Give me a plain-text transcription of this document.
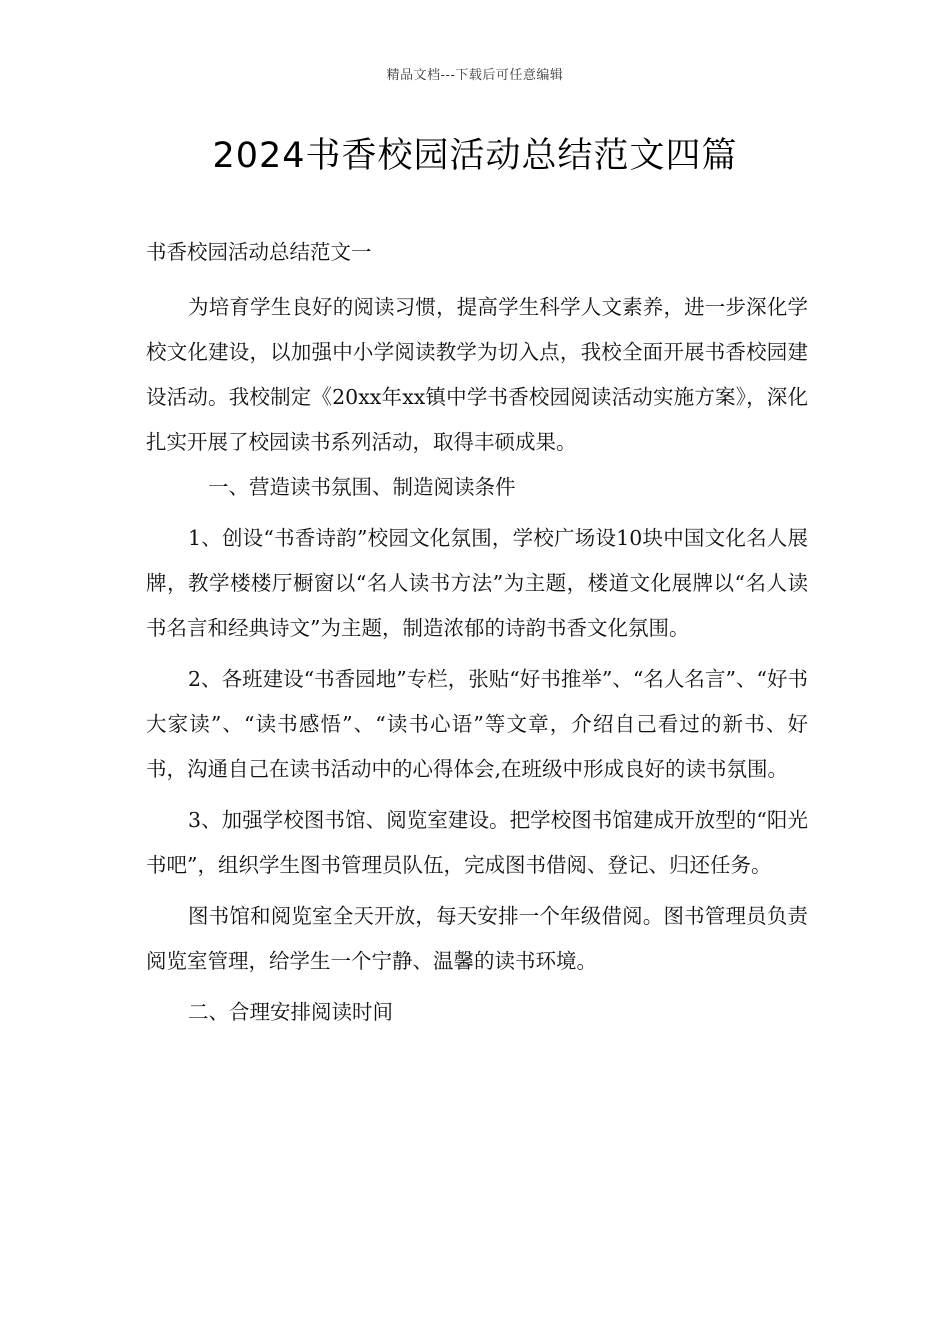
精品文档---下载后可任意编辑
2024书香校园活动总结范文四篇

书香校园活动总结范文一

为培育学生良好的阅读习惯，提高学生科学人文素养，进一步深化学校文化建设，以加强中小学阅读教学为切入点，我校全面开展书香校园建设活动。我校制定《20xx年xx镇中学书香校园阅读活动实施方案》，深化扎实开展了校园读书系列活动，取得丰硕成果。

一、营造读书氛围、制造阅读条件

1、创设“书香诗韵”校园文化氛围，学校广场设10块中国文化名人展牌，教学楼楼厅橱窗以“名人读书方法”为主题，楼道文化展牌以“名人读书名言和经典诗文”为主题，制造浓郁的诗韵书香文化氛围。

2、各班建设“书香园地”专栏，张贴“好书推举”、“名人名言”、“好书大家读”、“读书感悟”、“读书心语”等文章，介绍自己看过的新书、好书，沟通自己在读书活动中的心得体会,在班级中形成良好的读书氛围。

3、加强学校图书馆、阅览室建设。把学校图书馆建成开放型的“阳光书吧”，组织学生图书管理员队伍，完成图书借阅、登记、归还任务。

图书馆和阅览室全天开放，每天安排一个年级借阅。图书管理员负责阅览室管理，给学生一个宁静、温馨的读书环境。

二、合理安排阅读时间
